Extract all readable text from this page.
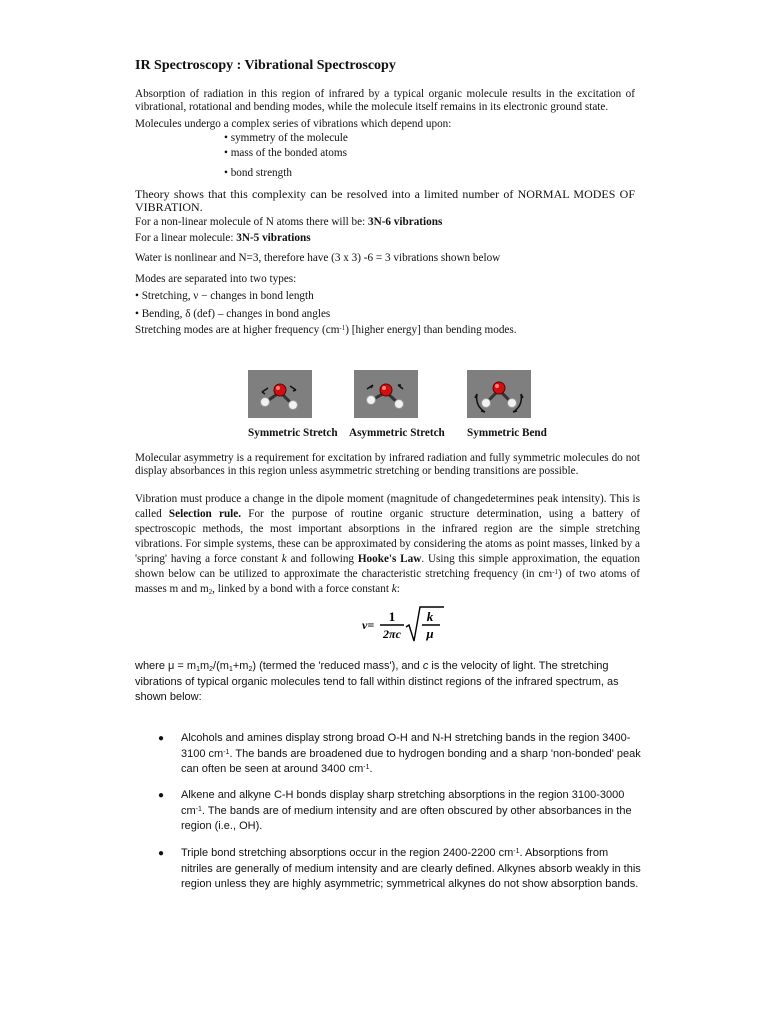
IR Spectroscopy : Vibrational Spectroscopy
Absorption of radiation in this region of infrared by a typical organic molecule results in the excitation of vibrational, rotational and bending modes, while the molecule itself remains in its electronic ground state.
Molecules undergo a complex series of vibrations which depend upon:
• symmetry of the molecule
• mass of the bonded atoms
• bond strength
Theory shows that this complexity can be resolved into a limited number of NORMAL MODES OF
VIBRATION.
For a non-linear molecule of N atoms there will be: 3N-6 vibrations
For a linear molecule: 3N-5 vibrations
Water is nonlinear and N=3, therefore have (3 x 3) -6 = 3 vibrations shown below
Modes are separated into two types:
• Stretching, ν − changes in bond length
• Bending, δ (def) – changes in bond angles
Stretching modes are at higher frequency $(cm^{-1})$ [higher energy] than bending modes.
Symmetric Stretch Asymmetric Stretch Symmetric Bend
Molecular asymmetry is a requirement for excitation by infrared radiation and fully symmetric molecules do not display absorbances in this region unless asymmetric stretching or bending transitions are possible.
Vibration must produce a change in the dipole moment (magnitude of changedetermines peak intensity). This is called Selection rule. For the purpose of routine organic structure determination, using a battery of spectroscopic methods, the most important absorptions in the infrared region are the simple stretching vibrations. For simple systems, these can be approximated by considering the atoms as point masses, linked by a 'spring' having a force constant k and following Hooke's Law. Using this simple approximation, the equation shown below can be utilized to approximate the characteristic stretching frequency (in $cm^{-1}$) of two atoms of masses m and $m_2$, linked by a bond with a force constant k:
ν=
1
2πc
k
μ
where $\mu = m_1m_2/(m_1+m_2)$ (termed the 'reduced mass'), and c is the velocity of light. The stretching vibrations of typical organic molecules tend to fall within distinct regions of the infrared spectrum, as shown below:
● Alcohols and amines display strong broad O-H and N-H stretching bands in the region 3400-3100 $cm^{-1}$. The bands are broadened due to hydrogen bonding and a sharp 'non-bonded' peak can often be seen at around 3400 $cm^{-1}$.
● Alkene and alkyne C-H bonds display sharp stretching absorptions in the region 3100-3000 $cm^{-1}$. The bands are of medium intensity and are often obscured by other absorbances in the region (i.e., OH).
● Triple bond stretching absorptions occur in the region 2400-2200 $cm^{-1}$. Absorptions from nitriles are generally of medium intensity and are clearly defined. Alkynes absorb weakly in this region unless they are highly asymmetric; symmetrical alkynes do not show absorption bands.
